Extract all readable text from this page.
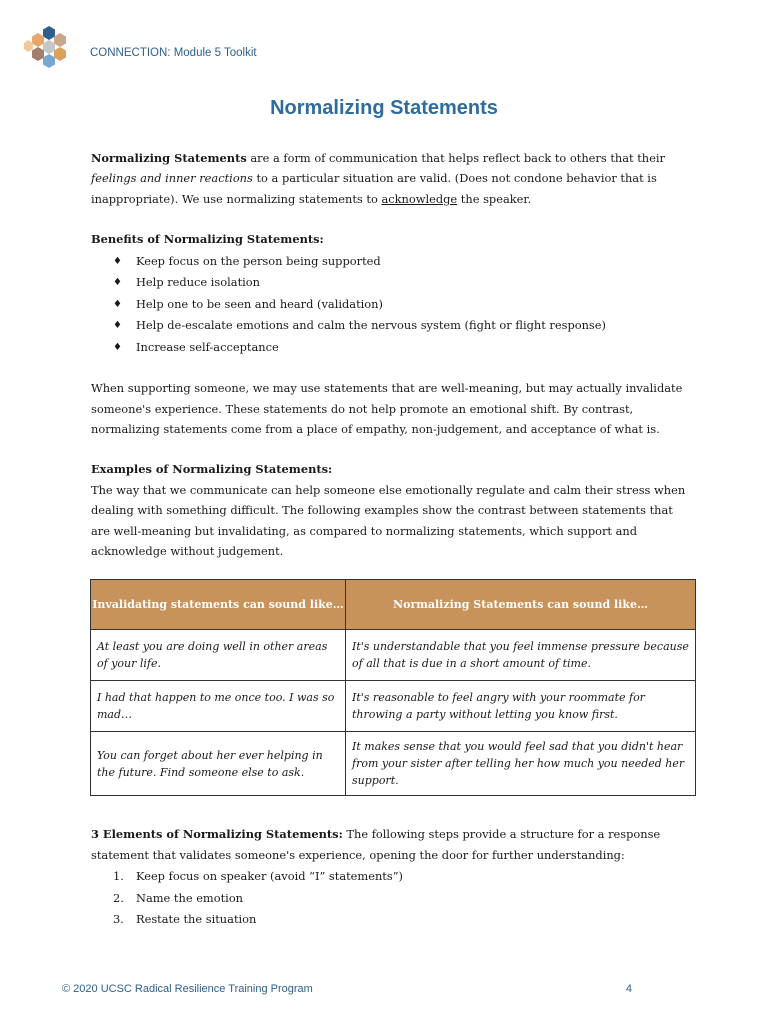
CONNECTION: Module 5 Toolkit
Normalizing Statements

Normalizing Statements are a form of communication that helps reflect back to others that their feelings and inner reactions to a particular situation are valid. (Does not condone behavior that is inappropriate). We use normalizing statements to acknowledge the speaker.

Benefits of Normalizing Statements:

♦ Keep focus on the person being supported
♦ Help reduce isolation
♦ Help one to be seen and heard (validation)
♦ Help de-escalate emotions and calm the nervous system (fight or flight response)
♦ Increase self-acceptance

When supporting someone, we may use statements that are well-meaning, but may actually invalidate someone's experience. These statements do not help promote an emotional shift. By contrast, normalizing statements come from a place of empathy, non-judgement, and acceptance of what is.

Examples of Normalizing Statements:

The way that we communicate can help someone else emotionally regulate and calm their stress when dealing with something difficult. The following examples show the contrast between statements that are well-meaning but invalidating, as compared to normalizing statements, which support and acknowledge without judgement.

Invalidating statements can sound like…	Normalizing Statements can sound like…
At least you are doing well in other areas of your life.	It's understandable that you feel immense pressure because of all that is due in a short amount of time.
I had that happen to me once too. I was so mad…	It's reasonable to feel angry with your roommate for throwing a party without letting you know first.
You can forget about her ever helping in the future. Find someone else to ask.	It makes sense that you would feel sad that you didn't hear from your sister after telling her how much you needed her support.

3 Elements of Normalizing Statements: The following steps provide a structure for a response statement that validates someone's experience, opening the door for further understanding:

1. Keep focus on speaker (avoid “I” statements”)
2. Name the emotion
3. Restate the situation
© 2020 UCSC Radical Resilience Training Program	4
